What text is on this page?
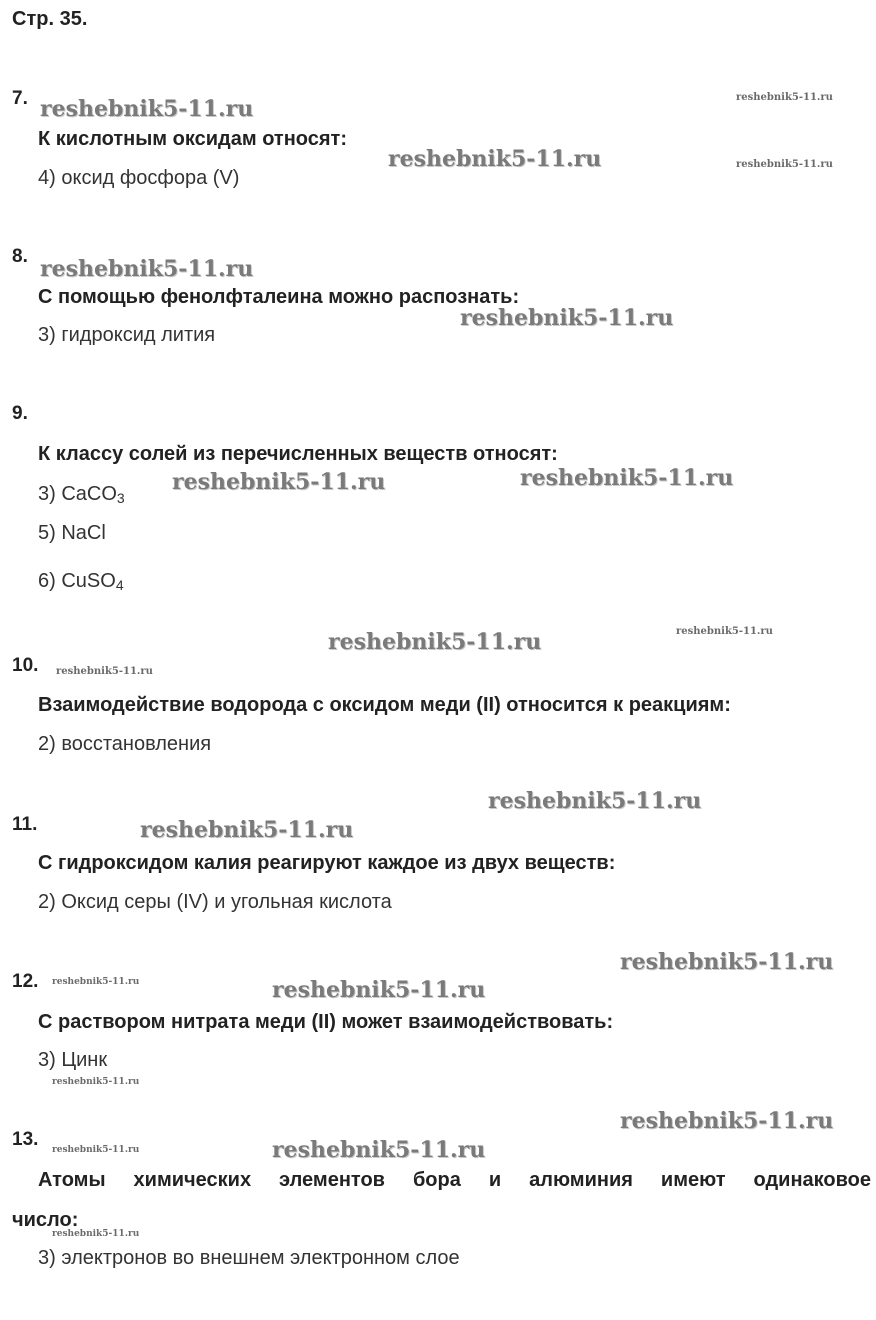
Стр. 35.
7.
К кислотным оксидам относят:
4) оксид фосфора (V)
8.
С помощью фенолфталеина можно распознать:
3) гидроксид лития
9.
К классу солей из перечисленных веществ относят:
3) CaCO$_3$
5) NaCl
6) CuSO$_4$
10.
Взаимодействие водорода с оксидом меди (II) относится к реакциям:
2) восстановления
11.
С гидроксидом калия реагируют каждое из двух веществ:
2) Оксид серы (IV) и угольная кислота
12.
С раствором нитрата меди (II) может взаимодействовать:
3) Цинк
13.
Атомы химических элементов бора и алюминия имеют одинаковое
число:
3) электронов во внешнем электронном слое
reshebnik5-11.ru	reshebnik5-11.ru
reshebnik5-11.ru	reshebnik5-11.ru
reshebnik5-11.ru
reshebnik5-11.ru
reshebnik5-11.ru	reshebnik5-11.ru
reshebnik5-11.ru	reshebnik5-11.ru
reshebnik5-11.ru
reshebnik5-11.ru
reshebnik5-11.ru
reshebnik5-11.ru
reshebnik5-11.ru	reshebnik5-11.ru
reshebnik5-11.ru
reshebnik5-11.ru
reshebnik5-11.ru	reshebnik5-11.ru
reshebnik5-11.ru
